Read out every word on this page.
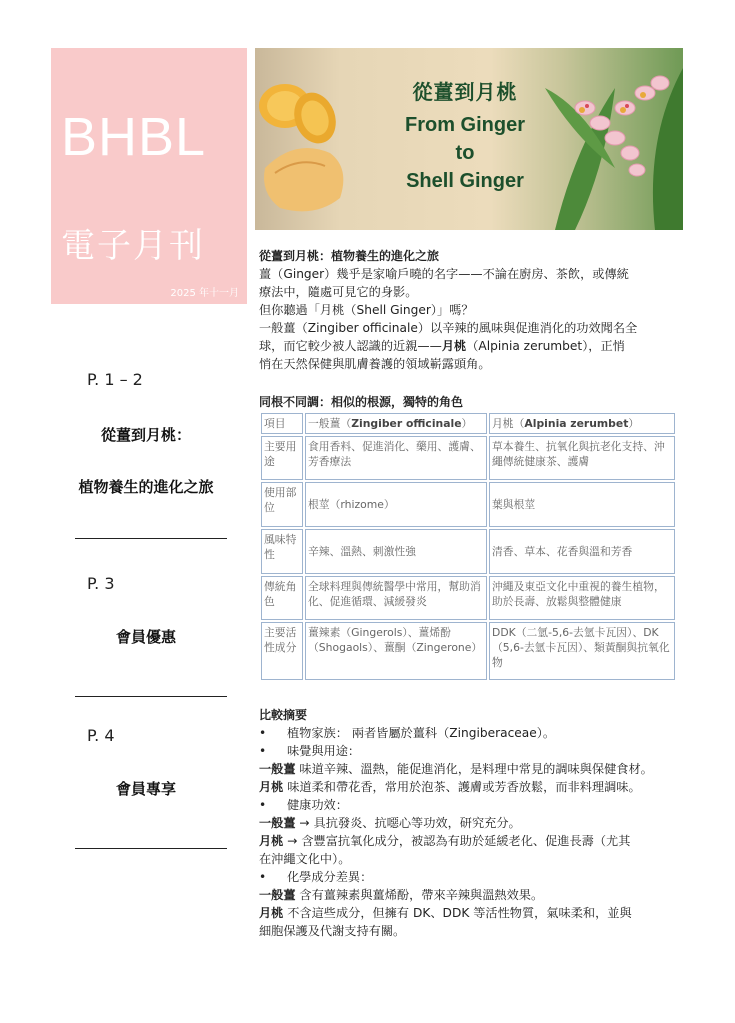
BHBL
電子月刊
2025 年十一月
P. 1 – 2
從薑到月桃：
植物養生的進化之旅
P. 3
會員優惠
P. 4
會員專享
從薑到月桃
From Ginger
to
Shell Ginger
從薑到月桃：植物養生的進化之旅
薑（Ginger）幾乎是家喻戶曉的名字——不論在廚房、茶飲，或傳統
療法中，隨處可見它的身影。
但你聽過「月桃（Shell Ginger）」嗎？
一般薑（Zingiber officinale）以辛辣的風味與促進消化的功效聞名全
球，而它較少被人認識的近親——月桃（Alpinia zerumbet），正悄
悄在天然保健與肌膚養護的領域嶄露頭角。
同根不同調：相似的根源，獨特的角色
項目	一般薑（Zingiber officinale）	月桃（Alpinia zerumbet）
主要用途	食用香料、促進消化、藥用、護膚、芳香療法	草本養生、抗氧化與抗老化支持、沖繩傳統健康茶、護膚
使用部位	根莖（rhizome）	葉與根莖
風味特性	辛辣、溫熱、刺激性強	清香、草本、花香與溫和芳香
傳統角色	全球料理與傳統醫學中常用，幫助消化、促進循環、減緩發炎	沖繩及東亞文化中重視的養生植物，助於長壽、放鬆與整體健康
主要活性成分	薑辣素（Gingerols）、薑烯酚（Shogaols）、薑酮（Zingerone）	DDK（二氫-5,6-去氫卡瓦因）、DK（5,6-去氫卡瓦因）、類黃酮與抗氧化物
比較摘要
• 植物家族： 兩者皆屬於薑科（Zingiberaceae）。
• 味覺與用途：
一般薑 味道辛辣、溫熱，能促進消化，是料理中常見的調味與保健食材。
月桃 味道柔和帶花香，常用於泡茶、護膚或芳香放鬆，而非料理調味。
• 健康功效：
一般薑 → 具抗發炎、抗噁心等功效，研究充分。
月桃 → 含豐富抗氧化成分，被認為有助於延緩老化、促進長壽（尤其
在沖繩文化中）。
• 化學成分差異：
一般薑 含有薑辣素與薑烯酚，帶來辛辣與溫熱效果。
月桃 不含這些成分，但擁有 DK、DDK 等活性物質，氣味柔和，並與
細胞保護及代謝支持有關。
